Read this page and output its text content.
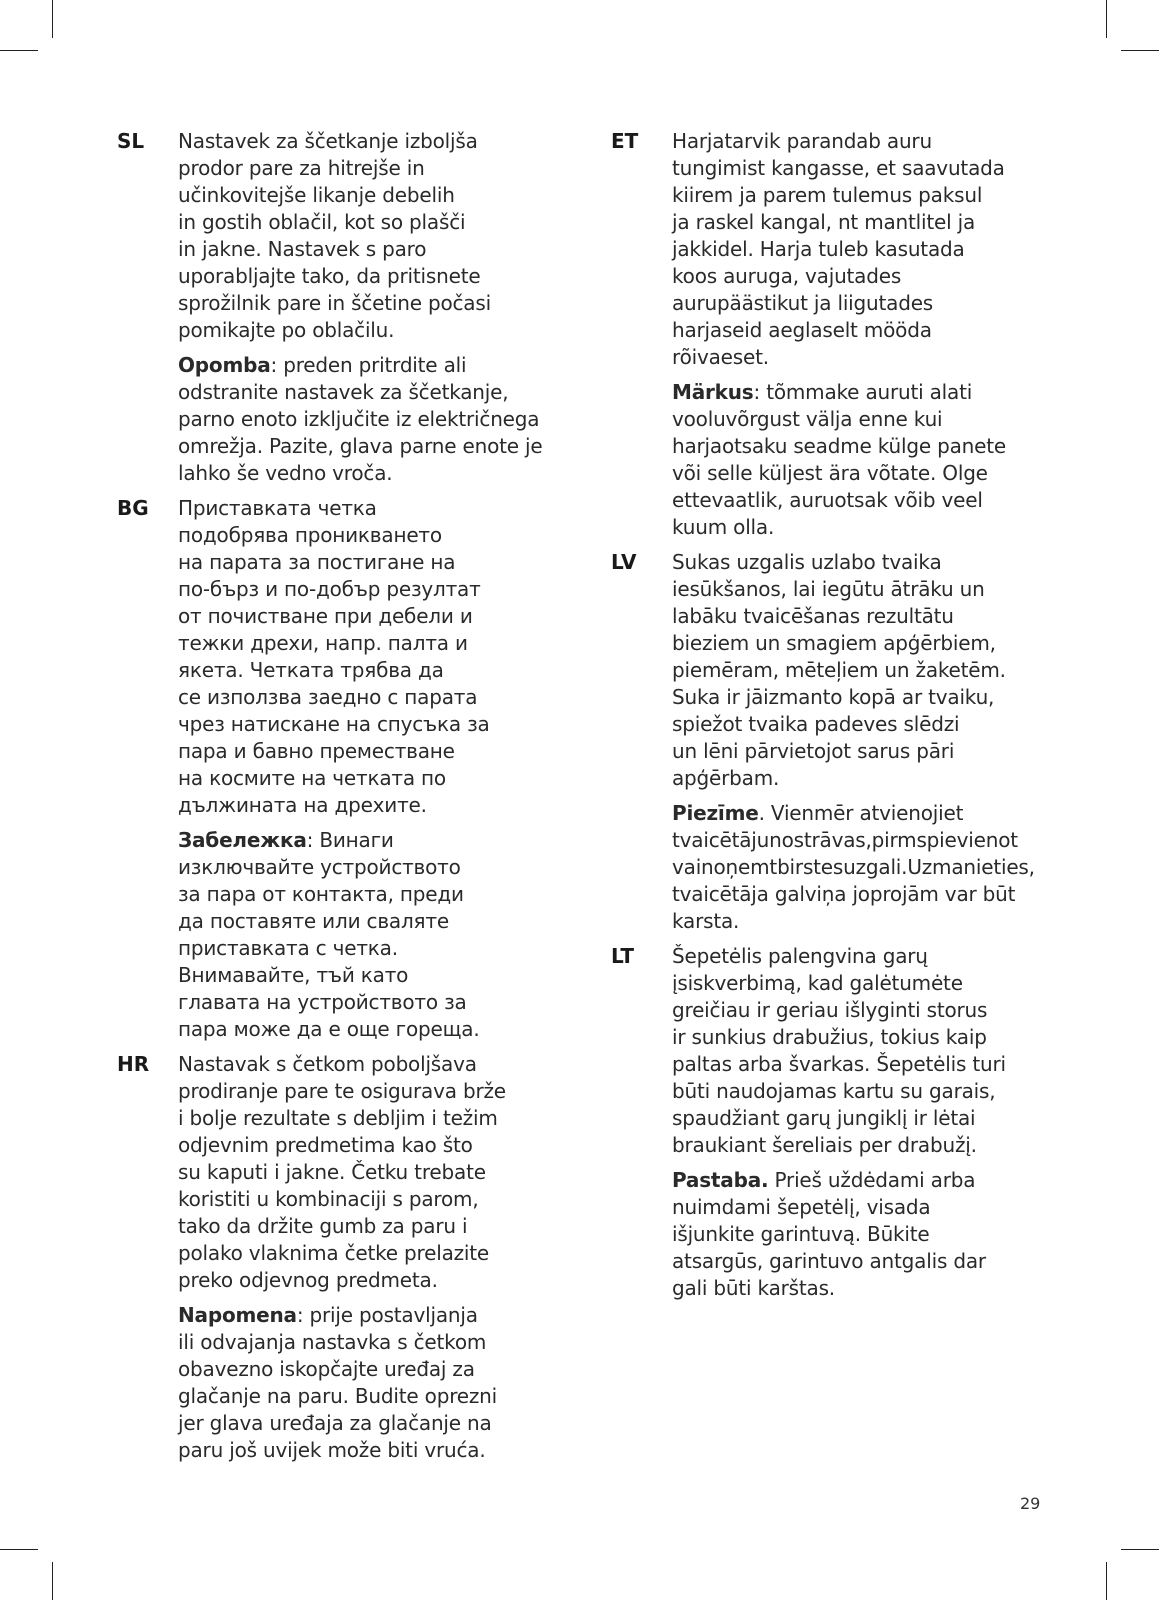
SL	Nastavek za ščetkanje izboljša
prodor pare za hitrejše in
učinkovitejše likanje debelih
in gostih oblačil, kot so plašči
in jakne. Nastavek s paro
uporabljajte tako, da pritisnete
sprožilnik pare in ščetine počasi
pomikajte po oblačilu.

Opomba: preden pritrdite ali
odstranite nastavek za ščetkanje,
parno enoto izključite iz električnega
omrežja. Pazite, glava parne enote je
lahko še vedno vroča.

BG	Приставката четка
подобрява проникването
на парата за постигане на
по-бърз и по-добър резултат
от почистване при дебели и
тежки дрехи, напр. палта и
якета. Четката трябва да
се използва заедно с парата
чрез натискане на спусъка за
пара и бавно преместване
на космите на четката по
дължината на дрехите.

Забележка: Винаги
изключвайте устройството
за пара от контакта, преди
да поставяте или сваляте
приставката с четка.
Внимавайте, тъй като
главата на устройството за
пара може да е още гореща.

HR	Nastavak s četkom poboljšava
prodiranje pare te osigurava brže
i bolje rezultate s debljim i težim
odjevnim predmetima kao što
su kaputi i jakne. Četku trebate
koristiti u kombinaciji s parom,
tako da držite gumb za paru i
polako vlaknima četke prelazite
preko odjevnog predmeta.

Napomena: prije postavljanja
ili odvajanja nastavka s četkom
obavezno iskopčajte uređaj za
glačanje na paru. Budite oprezni
jer glava uređaja za glačanje na
paru još uvijek može biti vruća.

ET	Harjatarvik parandab auru
tungimist kangasse, et saavutada
kiirem ja parem tulemus paksul
ja raskel kangal, nt mantlitel ja
jakkidel. Harja tuleb kasutada
koos auruga, vajutades
aurupäästikut ja liigutades
harjaseid aeglaselt mööda
rõivaeset.

Märkus: tõmmake auruti alati
vooluvõrgust välja enne kui
harjaotsaku seadme külge panete
või selle küljest ära võtate. Olge
ettevaatlik, auruotsak võib veel
kuum olla.

LV	Sukas uzgalis uzlabo tvaika
iesūkšanos, lai iegūtu ātrāku un
labāku tvaicēšanas rezultātu
bieziem un smagiem apģērbiem,
piemēram, mēteļiem un žaketēm.
Suka ir jāizmanto kopā ar tvaiku,
spiežot tvaika padeves slēdzi
un lēni pārvietojot sarus pāri
apģērbam.

Piezīme. Vienmēr atvienojiet
tvaicētājunostrāvas,pirmspievienot
vainoņemtbirstesuzgali.Uzmanieties,
tvaicētāja galviņa joprojām var būt
karsta.

LT	Šepetėlis palengvina garų
įsiskverbimą, kad galėtumėte
greičiau ir geriau išlyginti storus
ir sunkius drabužius, tokius kaip
paltas arba švarkas. Šepetėlis turi
būti naudojamas kartu su garais,
spaudžiant garų jungiklį ir lėtai
braukiant šereliais per drabužį.

Pastaba. Prieš uždėdami arba
nuimdami šepetėlį, visada
išjunkite garintuvą. Būkite
atsargūs, garintuvo antgalis dar
gali būti karštas.

29
